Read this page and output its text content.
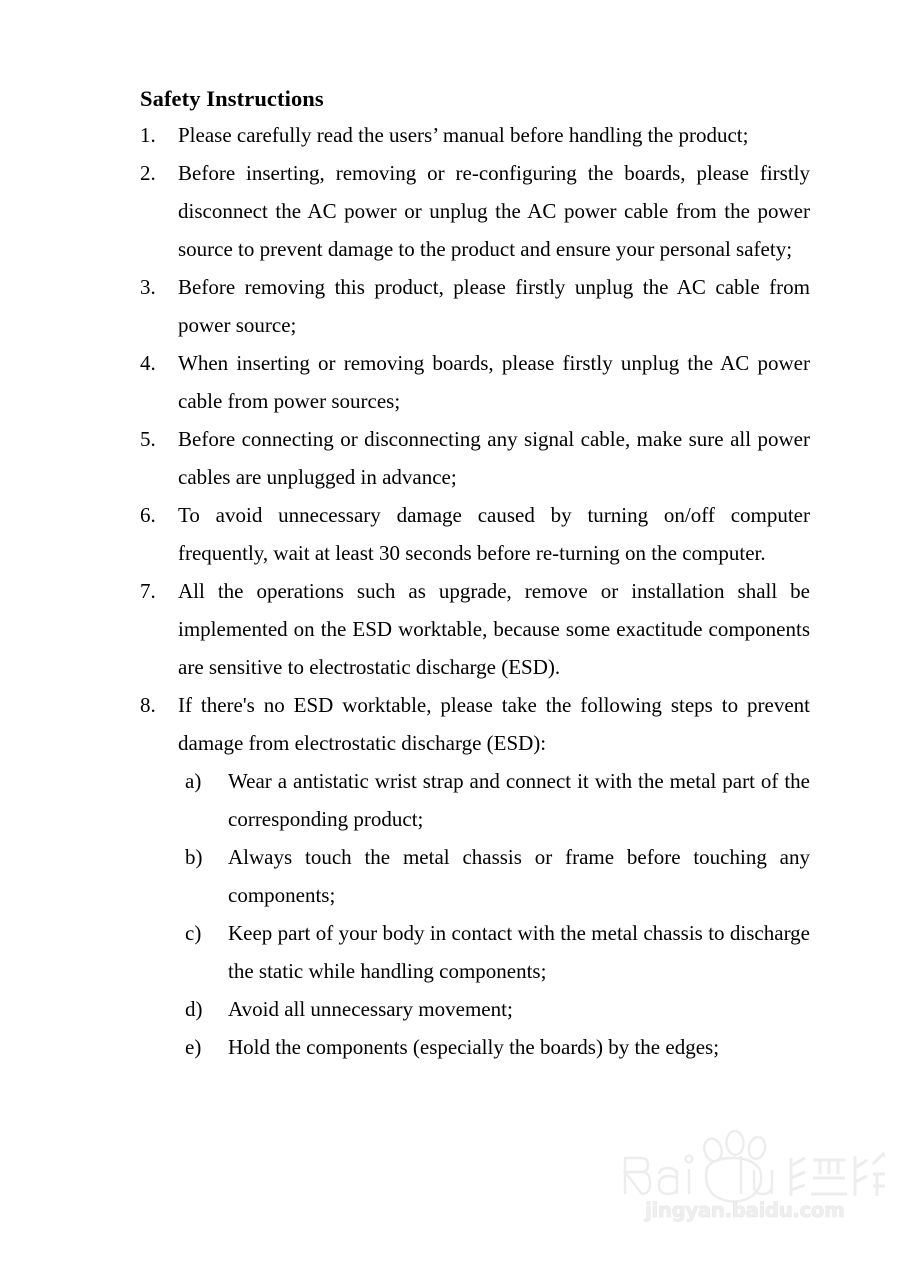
Safety Instructions
1.	Please carefully read the users’ manual before handling the product;
2.	Before inserting, removing or re-configuring the boards, please firstly disconnect the AC power or unplug the AC power cable from the power source to prevent damage to the product and ensure your personal safety;
3.	Before removing this product, please firstly unplug the AC cable from power source;
4.	When inserting or removing boards, please firstly unplug the AC power cable from power sources;
5.	Before connecting or disconnecting any signal cable, make sure all power cables are unplugged in advance;
6.	To avoid unnecessary damage caused by turning on/off computer frequently, wait at least 30 seconds before re-turning on the computer.
7.	All the operations such as upgrade, remove or installation shall be implemented on the ESD worktable, because some exactitude components are sensitive to electrostatic discharge (ESD).
8.	If there's no ESD worktable, please take the following steps to prevent damage from electrostatic discharge (ESD):
a)	Wear a antistatic wrist strap and connect it with the metal part of the corresponding product;
b)	Always touch the metal chassis or frame before touching any components;
c)	Keep part of your body in contact with the metal chassis to discharge the static while handling components;
d)	Avoid all unnecessary movement;
e)	Hold the components (especially the boards) by the edges;
jingyan.baidu.com
